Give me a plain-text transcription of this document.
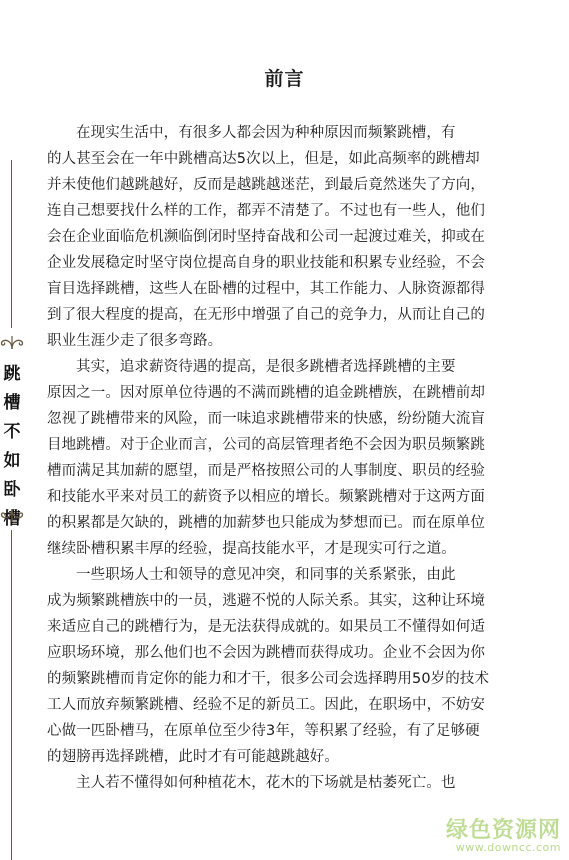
跳
槽
不
如
卧
槽
前言

在现实生活中，有很多人都会因为种种原因而频繁跳槽，有
的人甚至会在一年中跳槽高达5次以上，但是，如此高频率的跳槽却
并未使他们越跳越好，反而是越跳越迷茫，到最后竟然迷失了方向，
连自己想要找什么样的工作，都弄不清楚了。不过也有一些人，他们
会在企业面临危机濒临倒闭时坚持奋战和公司一起渡过难关，抑或在
企业发展稳定时坚守岗位提高自身的职业技能和积累专业经验，不会
盲目选择跳槽，这些人在卧槽的过程中，其工作能力、人脉资源都得
到了很大程度的提高，在无形中增强了自己的竞争力，从而让自己的
职业生涯少走了很多弯路。

其实，追求薪资待遇的提高，是很多跳槽者选择跳槽的主要
原因之一。因对原单位待遇的不满而跳槽的追金跳槽族，在跳槽前却
忽视了跳槽带来的风险，而一味追求跳槽带来的快感，纷纷随大流盲
目地跳槽。对于企业而言，公司的高层管理者绝不会因为职员频繁跳
槽而满足其加薪的愿望，而是严格按照公司的人事制度、职员的经验
和技能水平来对员工的薪资予以相应的增长。频繁跳槽对于这两方面
的积累都是欠缺的，跳槽的加薪梦也只能成为梦想而已。而在原单位
继续卧槽积累丰厚的经验，提高技能水平，才是现实可行之道。

一些职场人士和领导的意见冲突，和同事的关系紧张，由此
成为频繁跳槽族中的一员，逃避不悦的人际关系。其实，这种让环境
来适应自己的跳槽行为，是无法获得成就的。如果员工不懂得如何适
应职场环境，那么他们也不会因为跳槽而获得成功。企业不会因为你
的频繁跳槽而肯定你的能力和才干，很多公司会选择聘用50岁的技术
工人而放弃频繁跳槽、经验不足的新员工。因此，在职场中，不妨安
心做一匹卧槽马，在原单位至少待3年，等积累了经验，有了足够硬
的翅膀再选择跳槽，此时才有可能越跳越好。

主人若不懂得如何种植花木，花木的下场就是枯萎死亡。也

绿色资源网
www.downcc.com
